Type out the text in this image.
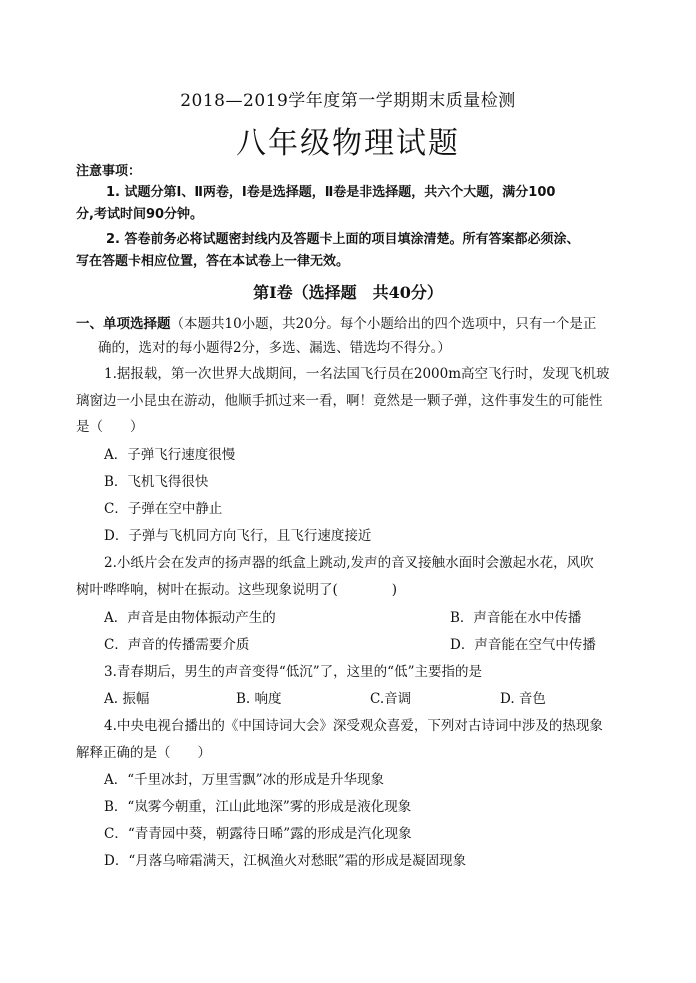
2018—2019学年度第一学期期末质量检测
八年级物理试题
注意事项：
1. 试题分第Ⅰ、Ⅱ两卷，Ⅰ卷是选择题，Ⅱ卷是非选择题，共六个大题，满分100
分,考试时间90分钟。
2. 答卷前务必将试题密封线内及答题卡上面的项目填涂清楚。所有答案都必须涂、
写在答题卡相应位置，答在本试卷上一律无效。
第Ⅰ卷（选择题　共40分）
一、单项选择题（本题共10小题，共20分。每个小题给出的四个选项中，只有一个是正
确的，选对的每小题得2分，多选、漏选、错选均不得分。）
1.据报载，第一次世界大战期间，一名法国飞行员在2000m高空飞行时，发现飞机玻
璃窗边一小昆虫在游动，他顺手抓过来一看，啊！竟然是一颗子弹，这件事发生的可能性
是（　　）
A．子弹飞行速度很慢
B．飞机飞得很快
C．子弹在空中静止
D．子弹与飞机同方向飞行，且飞行速度接近
2.小纸片会在发声的扬声器的纸盒上跳动,发声的音叉接触水面时会激起水花，风吹
树叶哗哗响，树叶在振动。这些现象说明了(　　　　)
A．声音是由物体振动产生的	B．声音能在水中传播
C．声音的传播需要介质	D．声音能在空气中传播
3.青春期后，男生的声音变得“低沉”了，这里的“低”主要指的是
A. 振幅	B. 响度	C.音调	D. 音色
4.中央电视台播出的《中国诗词大会》深受观众喜爱，下列对古诗词中涉及的热现象
解释正确的是（　　）
A．“千里冰封，万里雪飘”冰的形成是升华现象
B．“岚雾今朝重，江山此地深”雾的形成是液化现象
C．“青青园中葵，朝露待日晞”露的形成是汽化现象
D．“月落乌啼霜满天，江枫渔火对愁眠”霜的形成是凝固现象
